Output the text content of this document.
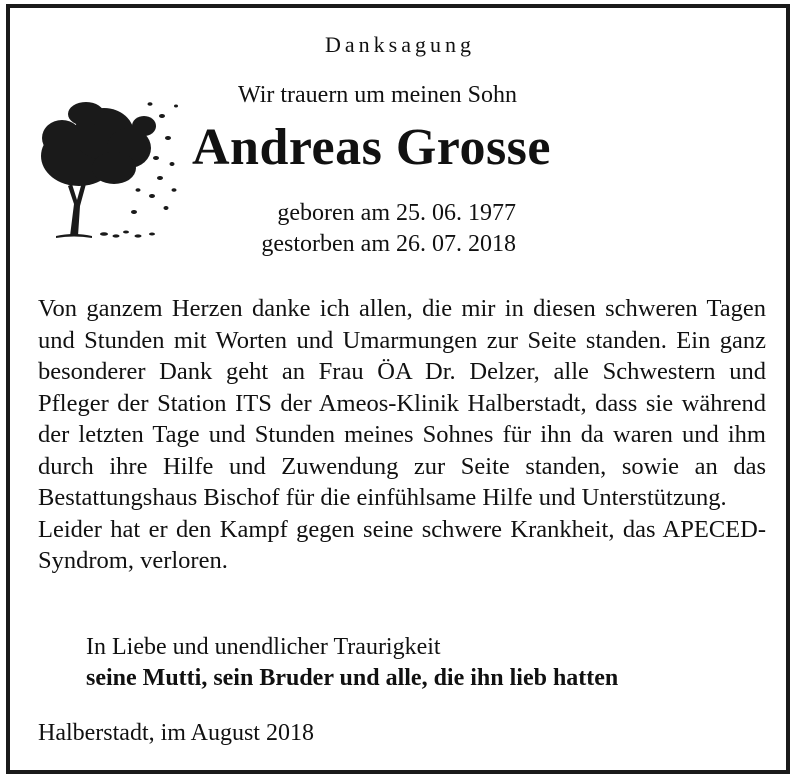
Danksagung
Wir trauern um meinen Sohn
Andreas Grosse
geboren am 25. 06. 1977
gestorben am 26. 07. 2018

Von ganzem Herzen danke ich allen, die mir in diesen schweren Tagen und Stunden mit Worten und Umarmungen zur Seite standen. Ein ganz besonderer Dank geht an Frau ÖA Dr. Delzer, alle Schwestern und Pfleger der Station ITS der Ameos-Klinik Halberstadt, dass sie während der letzten Tage und Stunden meines Sohnes für ihn da waren und ihm durch ihre Hilfe und Zuwendung zur Seite standen, sowie an das Bestattungshaus Bischof für die einfühlsame Hilfe und Unterstützung.

Leider hat er den Kampf gegen seine schwere Krankheit, das APECED-Syndrom, verloren.

In Liebe und unendlicher Traurigkeit
seine Mutti, sein Bruder und alle, die ihn lieb hatten
Halberstadt, im August 2018
